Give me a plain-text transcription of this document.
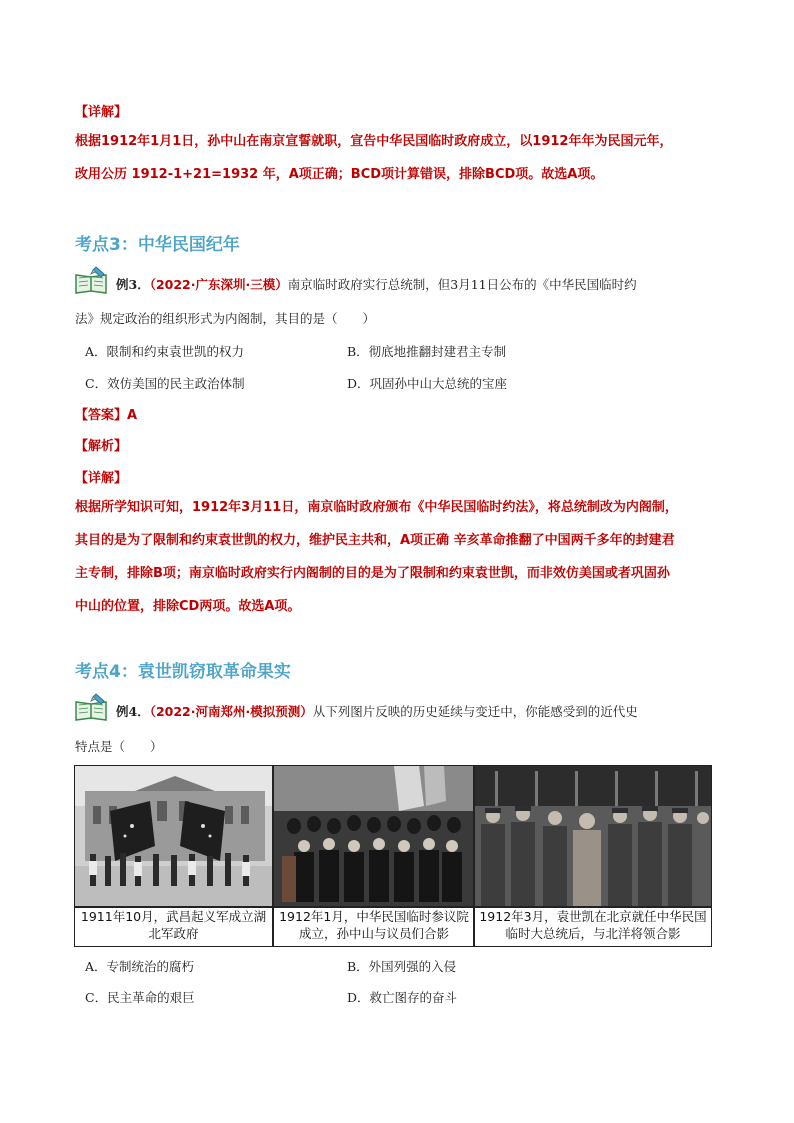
【详解】
根据1912年1月1日，孙中山在南京宣誓就职，宣告中华民国临时政府成立，以1912年年为民国元年，
改用公历 1912-1+21=1932 年，A项正确；BCD项计算错误，排除BCD项。故选A项。
考点3：中华民国纪年
例3．（2022·广东深圳·三模）南京临时政府实行总统制，但3月11日公布的《中华民国临时约
法》规定政治的组织形式为内阁制，其目的是（　　）
A．限制和约束袁世凯的权力	B．彻底地推翻封建君主专制
C．效仿美国的民主政治体制	D．巩固孙中山大总统的宝座
【答案】A
【解析】
【详解】
根据所学知识可知，1912年3月11日，南京临时政府颁布《中华民国临时约法》，将总统制改为内阁制，
其目的是为了限制和约束袁世凯的权力，维护民主共和，A项正确 辛亥革命推翻了中国两千多年的封建君
主专制，排除B项；南京临时政府实行内阁制的目的是为了限制和约束袁世凯，而非效仿美国或者巩固孙
中山的位置，排除CD两项。故选A项。
考点4：袁世凯窃取革命果实
例4．（2022·河南郑州·模拟预测）从下列图片反映的历史延续与变迁中，你能感受到的近代史
特点是（　　）
1911年10月，武昌起义军成立湖北军政府
1912年1月，中华民国临时参议院成立，孙中山与议员们合影
1912年3月，袁世凯在北京就任中华民国临时大总统后，与北洋将领合影
A．专制统治的腐朽	B．外国列强的入侵
C．民主革命的艰巨	D．救亡图存的奋斗
